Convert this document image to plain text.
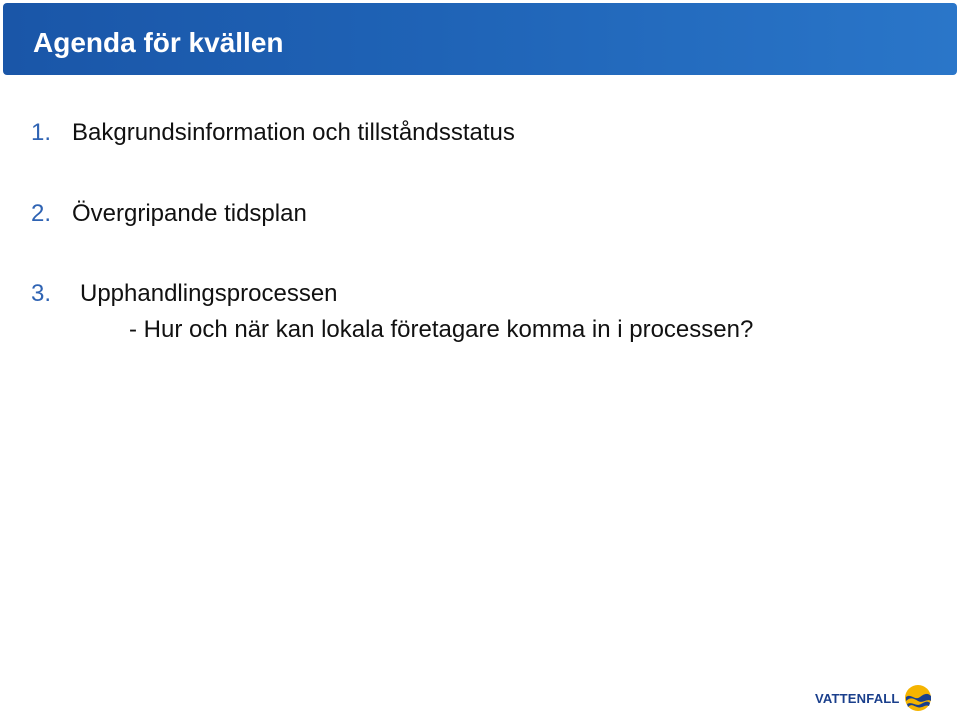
Agenda för kvällen
1. Bakgrundsinformation och tillståndsstatus
2. Övergripande tidsplan
3. Upphandlingsprocessen
- Hur och när kan lokala företagare komma in i processen?
VATTENFALL
